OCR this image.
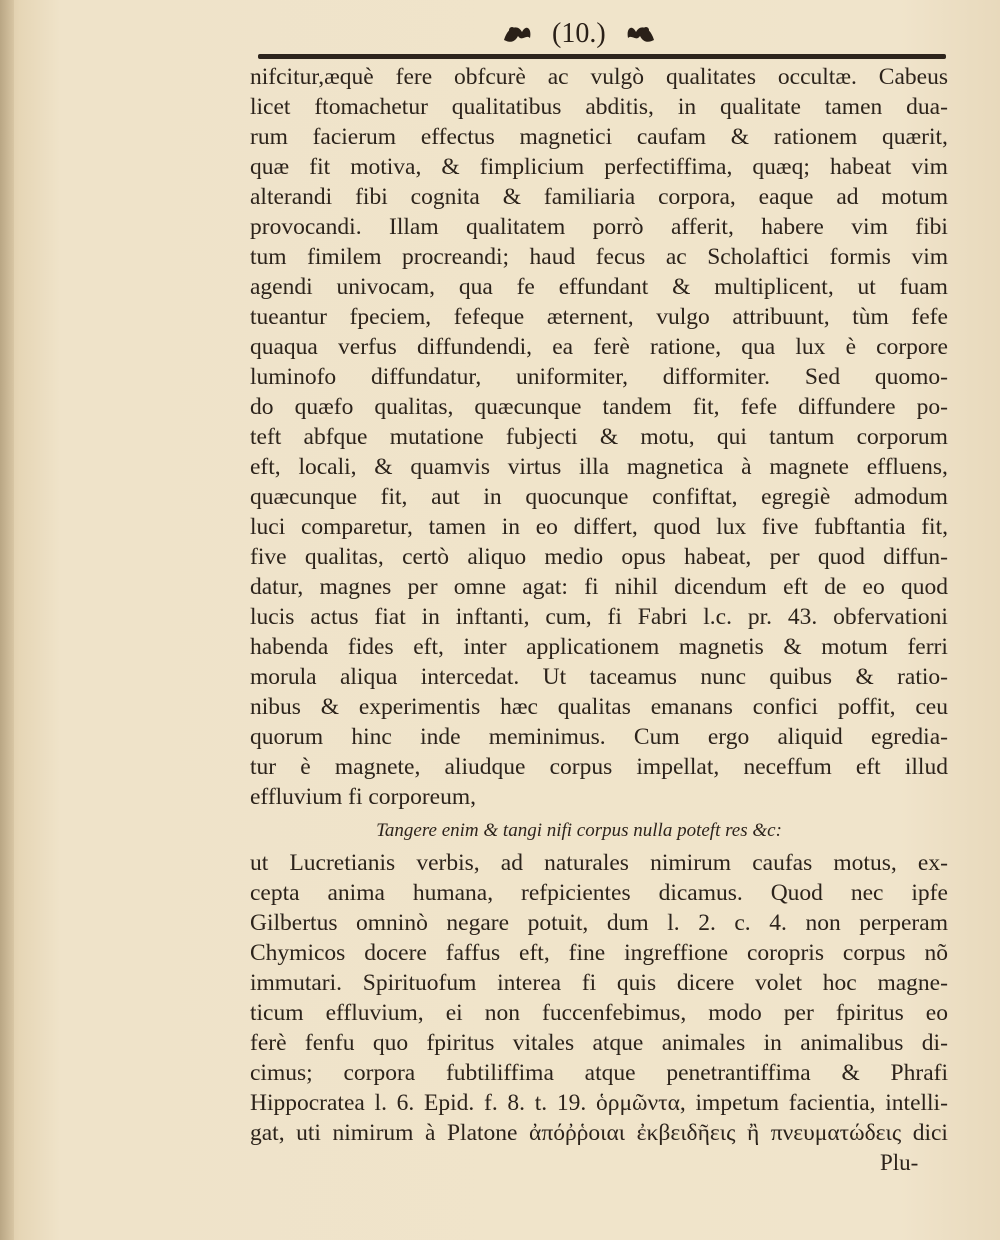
(10.)
nifcitur,æquè fere obfcurè ac vulgò qualitates occultæ. Cabeus
licet ftomachetur qualitatibus abditis, in qualitate tamen dua-
rum facierum effectus magnetici caufam & rationem quærit,
quæ fit motiva, & fimplicium perfectiffima, quæq; habeat vim
alterandi fibi cognita & familiaria corpora, eaque ad motum
provocandi. Illam qualitatem porrò afferit, habere vim fibi
tum fimilem procreandi; haud fecus ac Scholaftici formis vim
agendi univocam, qua fe effundant & multiplicent, ut fuam
tueantur fpeciem, fefeque æternent, vulgo attribuunt, tùm fefe
quaqua verfus diffundendi, ea ferè ratione, qua lux è corpore
luminofo diffundatur, uniformiter, difformiter. Sed quomo-
do quæfo qualitas, quæcunque tandem fit, fefe diffundere po-
teft abfque mutatione fubjecti & motu, qui tantum corporum
eft, locali, & quamvis virtus illa magnetica à magnete effluens,
quæcunque fit, aut in quocunque confiftat, egregiè admodum
luci comparetur, tamen in eo differt, quod lux five fubftantia fit,
five qualitas, certò aliquo medio opus habeat, per quod diffun-
datur, magnes per omne agat: fi nihil dicendum eft de eo quod
lucis actus fiat in inftanti, cum, fi Fabri l.c. pr. 43. obfervationi
habenda fides eft, inter applicationem magnetis & motum ferri
morula aliqua intercedat. Ut taceamus nunc quibus & ratio-
nibus & experimentis hæc qualitas emanans confici poffit, ceu
quorum hinc inde meminimus. Cum ergo aliquid egredia-
tur è magnete, aliudque corpus impellat, neceffum eft illud
effluvium fi corporeum,
Tangere enim & tangi nifi corpus nulla poteft res &c:
ut Lucretianis verbis, ad naturales nimirum caufas motus, ex-
cepta anima humana, refpicientes dicamus. Quod nec ipfe
Gilbertus omninò negare potuit, dum l. 2. c. 4. non perperam
Chymicos docere faffus eft, fine ingreffione coropris corpus nõ
immutari. Spirituofum interea fi quis dicere volet hoc magne-
ticum effluvium, ei non fuccenfebimus, modo per fpiritus eo
ferè fenfu quo fpiritus vitales atque animales in animalibus di-
cimus; corpora fubtiliffima atque penetrantiffima & Phrafi
Hippocratea l. 6. Epid. f. 8. t. 19. ὁρμῶντα, impetum facientia, intelli-
gat, uti nimirum à Platone ἀπόῤῥοιαι ἐκβειδῆεις ἢ πνευματώδεις dici
Plu-
